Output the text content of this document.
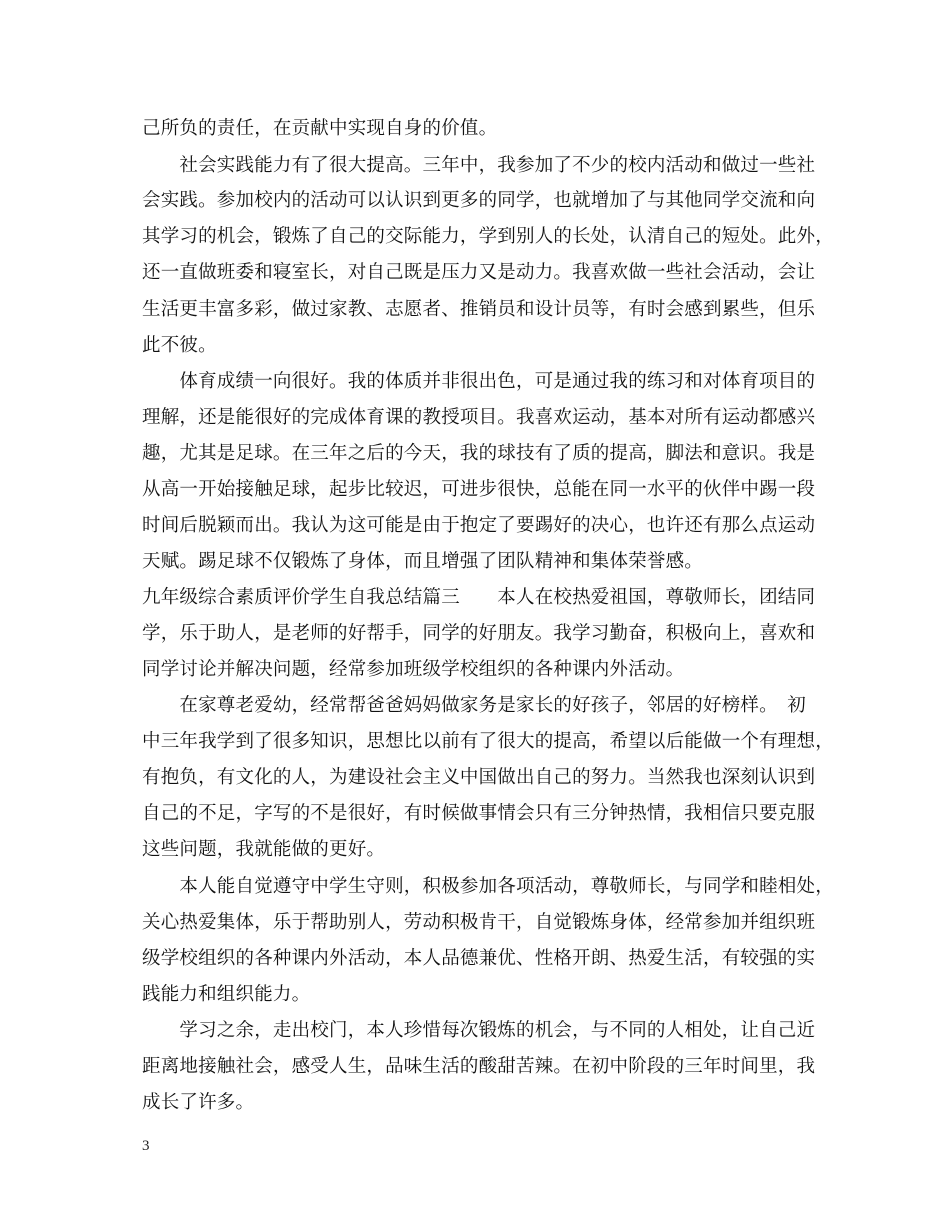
己所负的责任，在贡献中实现自身的价值。
　　社会实践能力有了很大提高。三年中，我参加了不少的校内活动和做过一些社
会实践。参加校内的活动可以认识到更多的同学，也就增加了与其他同学交流和向
其学习的机会，锻炼了自己的交际能力，学到别人的长处，认清自己的短处。此外，
还一直做班委和寝室长，对自己既是压力又是动力。我喜欢做一些社会活动，会让
生活更丰富多彩，做过家教、志愿者、推销员和设计员等，有时会感到累些，但乐
此不彼。
　　体育成绩一向很好。我的体质并非很出色，可是通过我的练习和对体育项目的
理解，还是能很好的完成体育课的教授项目。我喜欢运动，基本对所有运动都感兴
趣，尤其是足球。在三年之后的今天，我的球技有了质的提高，脚法和意识。我是
从高一开始接触足球，起步比较迟，可进步很快，总能在同一水平的伙伴中踢一段
时间后脱颖而出。我认为这可能是由于抱定了要踢好的决心，也许还有那么点运动
天赋。踢足球不仅锻炼了身体，而且增强了团队精神和集体荣誉感。
九年级综合素质评价学生自我总结篇三　　本人在校热爱祖国，尊敬师长，团结同
学，乐于助人，是老师的好帮手，同学的好朋友。我学习勤奋，积极向上，喜欢和
同学讨论并解决问题，经常参加班级学校组织的各种课内外活动。
　　在家尊老爱幼，经常帮爸爸妈妈做家务是家长的好孩子，邻居的好榜样。　初
中三年我学到了很多知识，思想比以前有了很大的提高，希望以后能做一个有理想，
有抱负，有文化的人，为建设社会主义中国做出自己的努力。当然我也深刻认识到
自己的不足，字写的不是很好，有时候做事情会只有三分钟热情，我相信只要克服
这些问题，我就能做的更好。
　　本人能自觉遵守中学生守则，积极参加各项活动，尊敬师长，与同学和睦相处，
关心热爱集体，乐于帮助别人，劳动积极肯干，自觉锻炼身体，经常参加并组织班
级学校组织的各种课内外活动，本人品德兼优、性格开朗、热爱生活，有较强的实
践能力和组织能力。
　　学习之余，走出校门，本人珍惜每次锻炼的机会，与不同的人相处，让自己近
距离地接触社会，感受人生，品味生活的酸甜苦辣。在初中阶段的三年时间里，我
成长了许多。
3
